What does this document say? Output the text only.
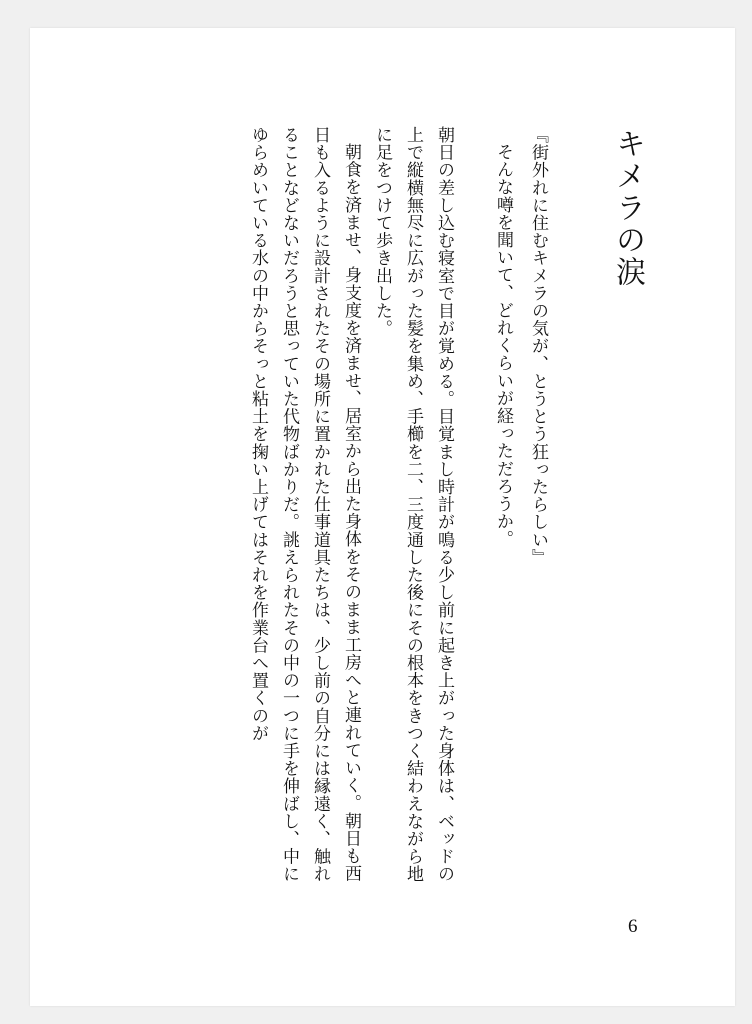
キメラの涙

『街外れに住むキメラの気が、とうとう狂ったらしい』

そんな噂を聞いて、どれくらいが経っただろうか。

朝日の差し込む寝室で目が覚める。目覚まし時計が鳴る少し前に起き上がった身体は、ベッドの上で縦横無尽に広がった髪を集め、手櫛を二、三度通した後にその根本をきつく結わえながら地に足をつけて歩き出した。

朝食を済ませ、身支度を済ませ、居室から出た身体をそのまま工房へと連れていく。朝日も西日も入るように設計されたその場所に置かれた仕事道具たちは、少し前の自分には縁遠く、触れることなどないだろうと思っていた代物ばかりだ。誂えられたその中の一つに手を伸ばし、中にゆらめいている水の中からそっと粘土を掬い上げてはそれを作業台へ置くのが

6
